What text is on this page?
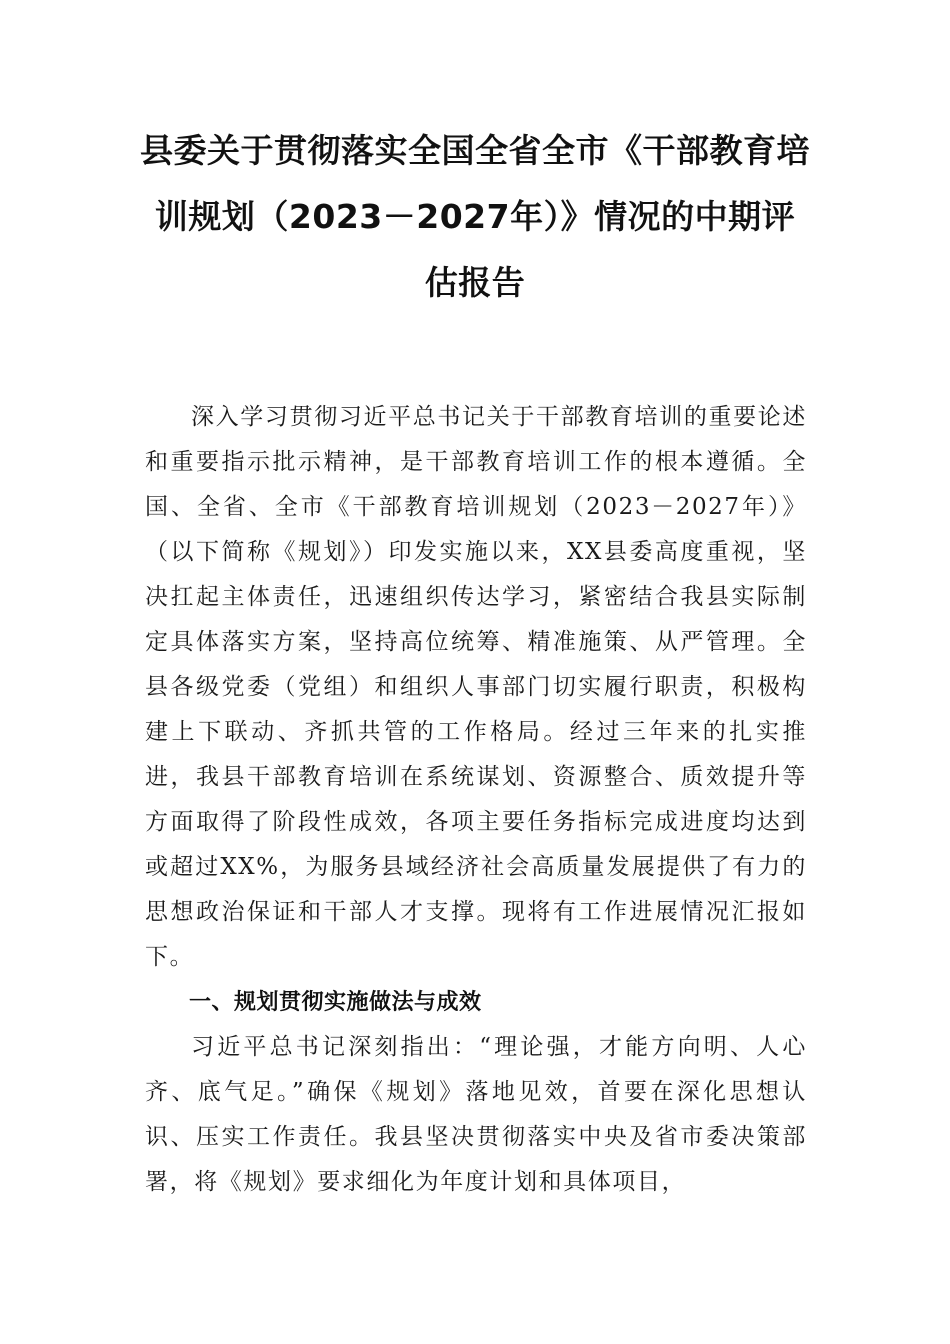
县委关于贯彻落实全国全省全市《干部教育培训规划（2023－2027年）》情况的中期评估报告

深入学习贯彻习近平总书记关于干部教育培训的重要论述和重要指示批示精神，是干部教育培训工作的根本遵循。全国、全省、全市《干部教育培训规划（2023－2027年）》（以下简称《规划》）印发实施以来，XX县委高度重视，坚决扛起主体责任，迅速组织传达学习，紧密结合我县实际制定具体落实方案，坚持高位统筹、精准施策、从严管理。全县各级党委（党组）和组织人事部门切实履行职责，积极构建上下联动、齐抓共管的工作格局。经过三年来的扎实推进，我县干部教育培训在系统谋划、资源整合、质效提升等方面取得了阶段性成效，各项主要任务指标完成进度均达到或超过XX%，为服务县域经济社会高质量发展提供了有力的思想政治保证和干部人才支撑。现将有工作进展情况汇报如下。

一、规划贯彻实施做法与成效

习近平总书记深刻指出：“理论强，才能方向明、人心齐、底气足。”确保《规划》落地见效，首要在深化思想认识、压实工作责任。我县坚决贯彻落实中央及省市委决策部署，将《规划》要求细化为年度计划和具体项目，
